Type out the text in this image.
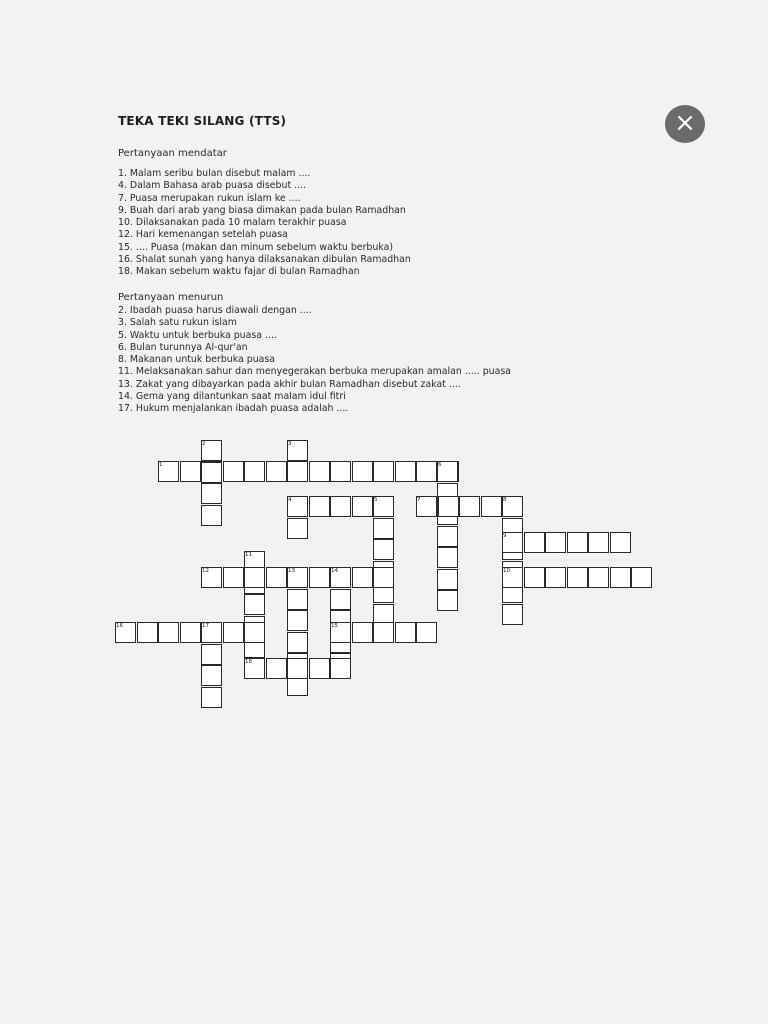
TEKA TEKI SILANG (TTS)	×
Pertanyaan mendatar
1. Malam seribu bulan disebut malam ....
4. Dalam Bahasa arab puasa disebut ....
7. Puasa merupakan rukun islam ke ....
9. Buah dari arab yang biasa dimakan pada bulan Ramadhan
10. Dilaksanakan pada 10 malam terakhir puasa
12. Hari kemenangan setelah puasa
15. .... Puasa (makan dan minum sebelum waktu berbuka)
16. Shalat sunah yang hanya dilaksanakan dibulan Ramadhan
18. Makan sebelum waktu fajar di bulan Ramadhan
Pertanyaan menurun
2. Ibadah puasa harus diawali dengan ....
3. Salah satu rukun islam
5. Waktu untuk berbuka puasa ....
6. Bulan turunnya Al-qur'an
8. Makanan untuk berbuka puasa
11. Melaksanakan sahur dan menyegerakan berbuka merupakan amalan ..... puasa
13. Zakat yang dibayarkan pada akhir bulan Ramadhan disebut zakat ....
14. Gema yang dilantunkan saat malam idul fitri
17. Hukum menjalankan ibadah puasa adalah ....
1
2	3
4	5
6
7	8
9
10
11
12	13	14
15
16	17
18
